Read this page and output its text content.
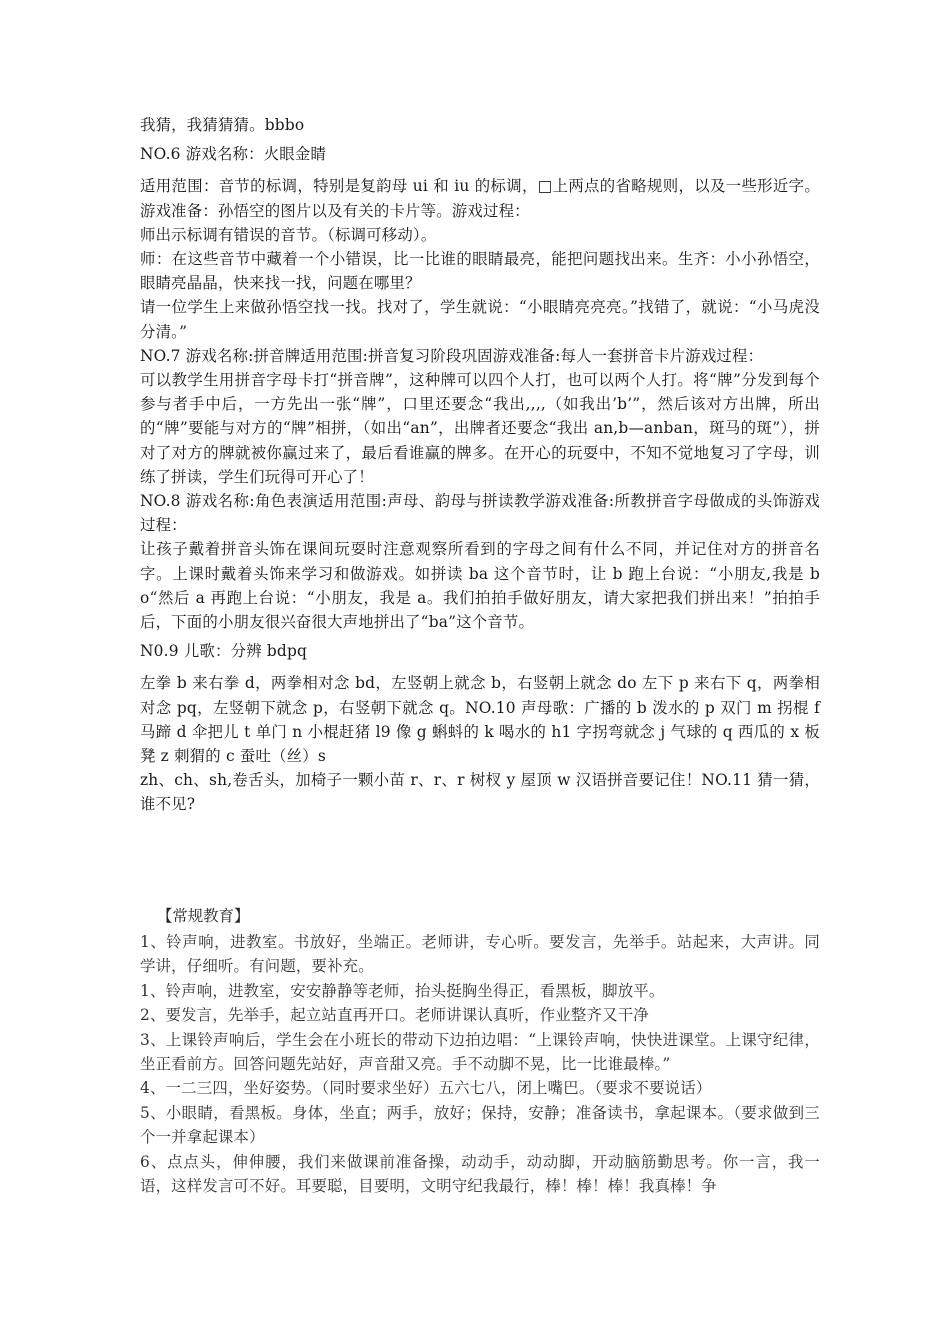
我猜，我猜猜猜。bbbo

NO.6 游戏名称：火眼金睛

适用范围：音节的标调，特别是复韵母 ui 和 iu 的标调，□上两点的省略规则，以及一些形近字。游戏准备：孙悟空的图片以及有关的卡片等。游戏过程：

师出示标调有错误的音节。（标调可移动）。

师：在这些音节中藏着一个小错误，比一比谁的眼睛最亮，能把问题找出来。生齐：小小孙悟空，眼睛亮晶晶，快来找一找，问题在哪里？

请一位学生上来做孙悟空找一找。找对了，学生就说：“小眼睛亮亮亮。”找错了，就说：“小马虎没分清。”

NO.7 游戏名称:拼音牌适用范围:拼音复习阶段巩固游戏准备:每人一套拼音卡片游戏过程：

可以教学生用拼音字母卡打“拼音牌”，这种牌可以四个人打，也可以两个人打。将“牌”分发到每个参与者手中后，一方先出一张“牌”，口里还要念“我出,,,,（如我出’b’”，然后该对方出牌，所出的“牌”要能与对方的“牌”相拼，（如出“an”，出牌者还要念“我出 an,b—anban，斑马的斑”），拼对了对方的牌就被你赢过来了，最后看谁赢的牌多。在开心的玩耍中，不知不觉地复习了字母，训练了拼读，学生们玩得可开心了！

NO.8 游戏名称:角色表演适用范围:声母、韵母与拼读教学游戏准备:所教拼音字母做成的头饰游戏过程：

让孩子戴着拼音头饰在课间玩耍时注意观察所看到的字母之间有什么不同，并记住对方的拼音名字。上课时戴着头饰来学习和做游戏。如拼读 ba 这个音节时，让 b 跑上台说：“小朋友,我是 bo“然后 a 再跑上台说：“小朋友，我是 a。我们拍拍手做好朋友，请大家把我们拼出来！”拍拍手后，下面的小朋友很兴奋很大声地拼出了“ba”这个音节。

N0.9 儿歌：分辨 bdpq

左拳 b 来右拳 d，两拳相对念 bd，左竖朝上就念 b，右竖朝上就念 do 左下 p 来右下 q，两拳相对念 pq，左竖朝下就念 p，右竖朝下就念 q。NO.10 声母歌：广播的 b 泼水的 p 双门 m 拐棍 f 马蹄 d 伞把儿 t 单门 n 小棍赶猪 l9 像 g 蝌蚪的 k 喝水的 h1 字拐弯就念 j 气球的 q 西瓜的 x 板凳 z 刺猬的 c 蚕吐（丝）s

zh、ch、sh,卷舌头，加椅子一颗小苗 r、r、r 树杈 y 屋顶 w 汉语拼音要记住！NO.11 猜一猜，谁不见?

【常规教育】

1、铃声响，进教室。书放好，坐端正。老师讲，专心听。要发言，先举手。站起来，大声讲。同学讲，仔细听。有问题，要补充。

1、铃声响，进教室，安安静静等老师，抬头挺胸坐得正，看黑板，脚放平。

2、要发言，先举手，起立站直再开口。老师讲课认真听，作业整齐又干净

3、上课铃声响后，学生会在小班长的带动下边拍边唱：“上课铃声响，快快进课堂。上课守纪律，坐正看前方。回答问题先站好，声音甜又亮。手不动脚不晃，比一比谁最棒。”

4、一二三四，坐好姿势。（同时要求坐好）五六七八，闭上嘴巴。（要求不要说话）

5、小眼睛，看黑板。身体，坐直；两手，放好；保持，安静；准备读书，拿起课本。（要求做到三个一并拿起课本）

6、点点头，伸伸腰，我们来做课前准备操，动动手，动动脚，开动脑筋勤思考。你一言，我一语，这样发言可不好。耳要聪，目要明，文明守纪我最行，棒！棒！棒！我真棒！争
